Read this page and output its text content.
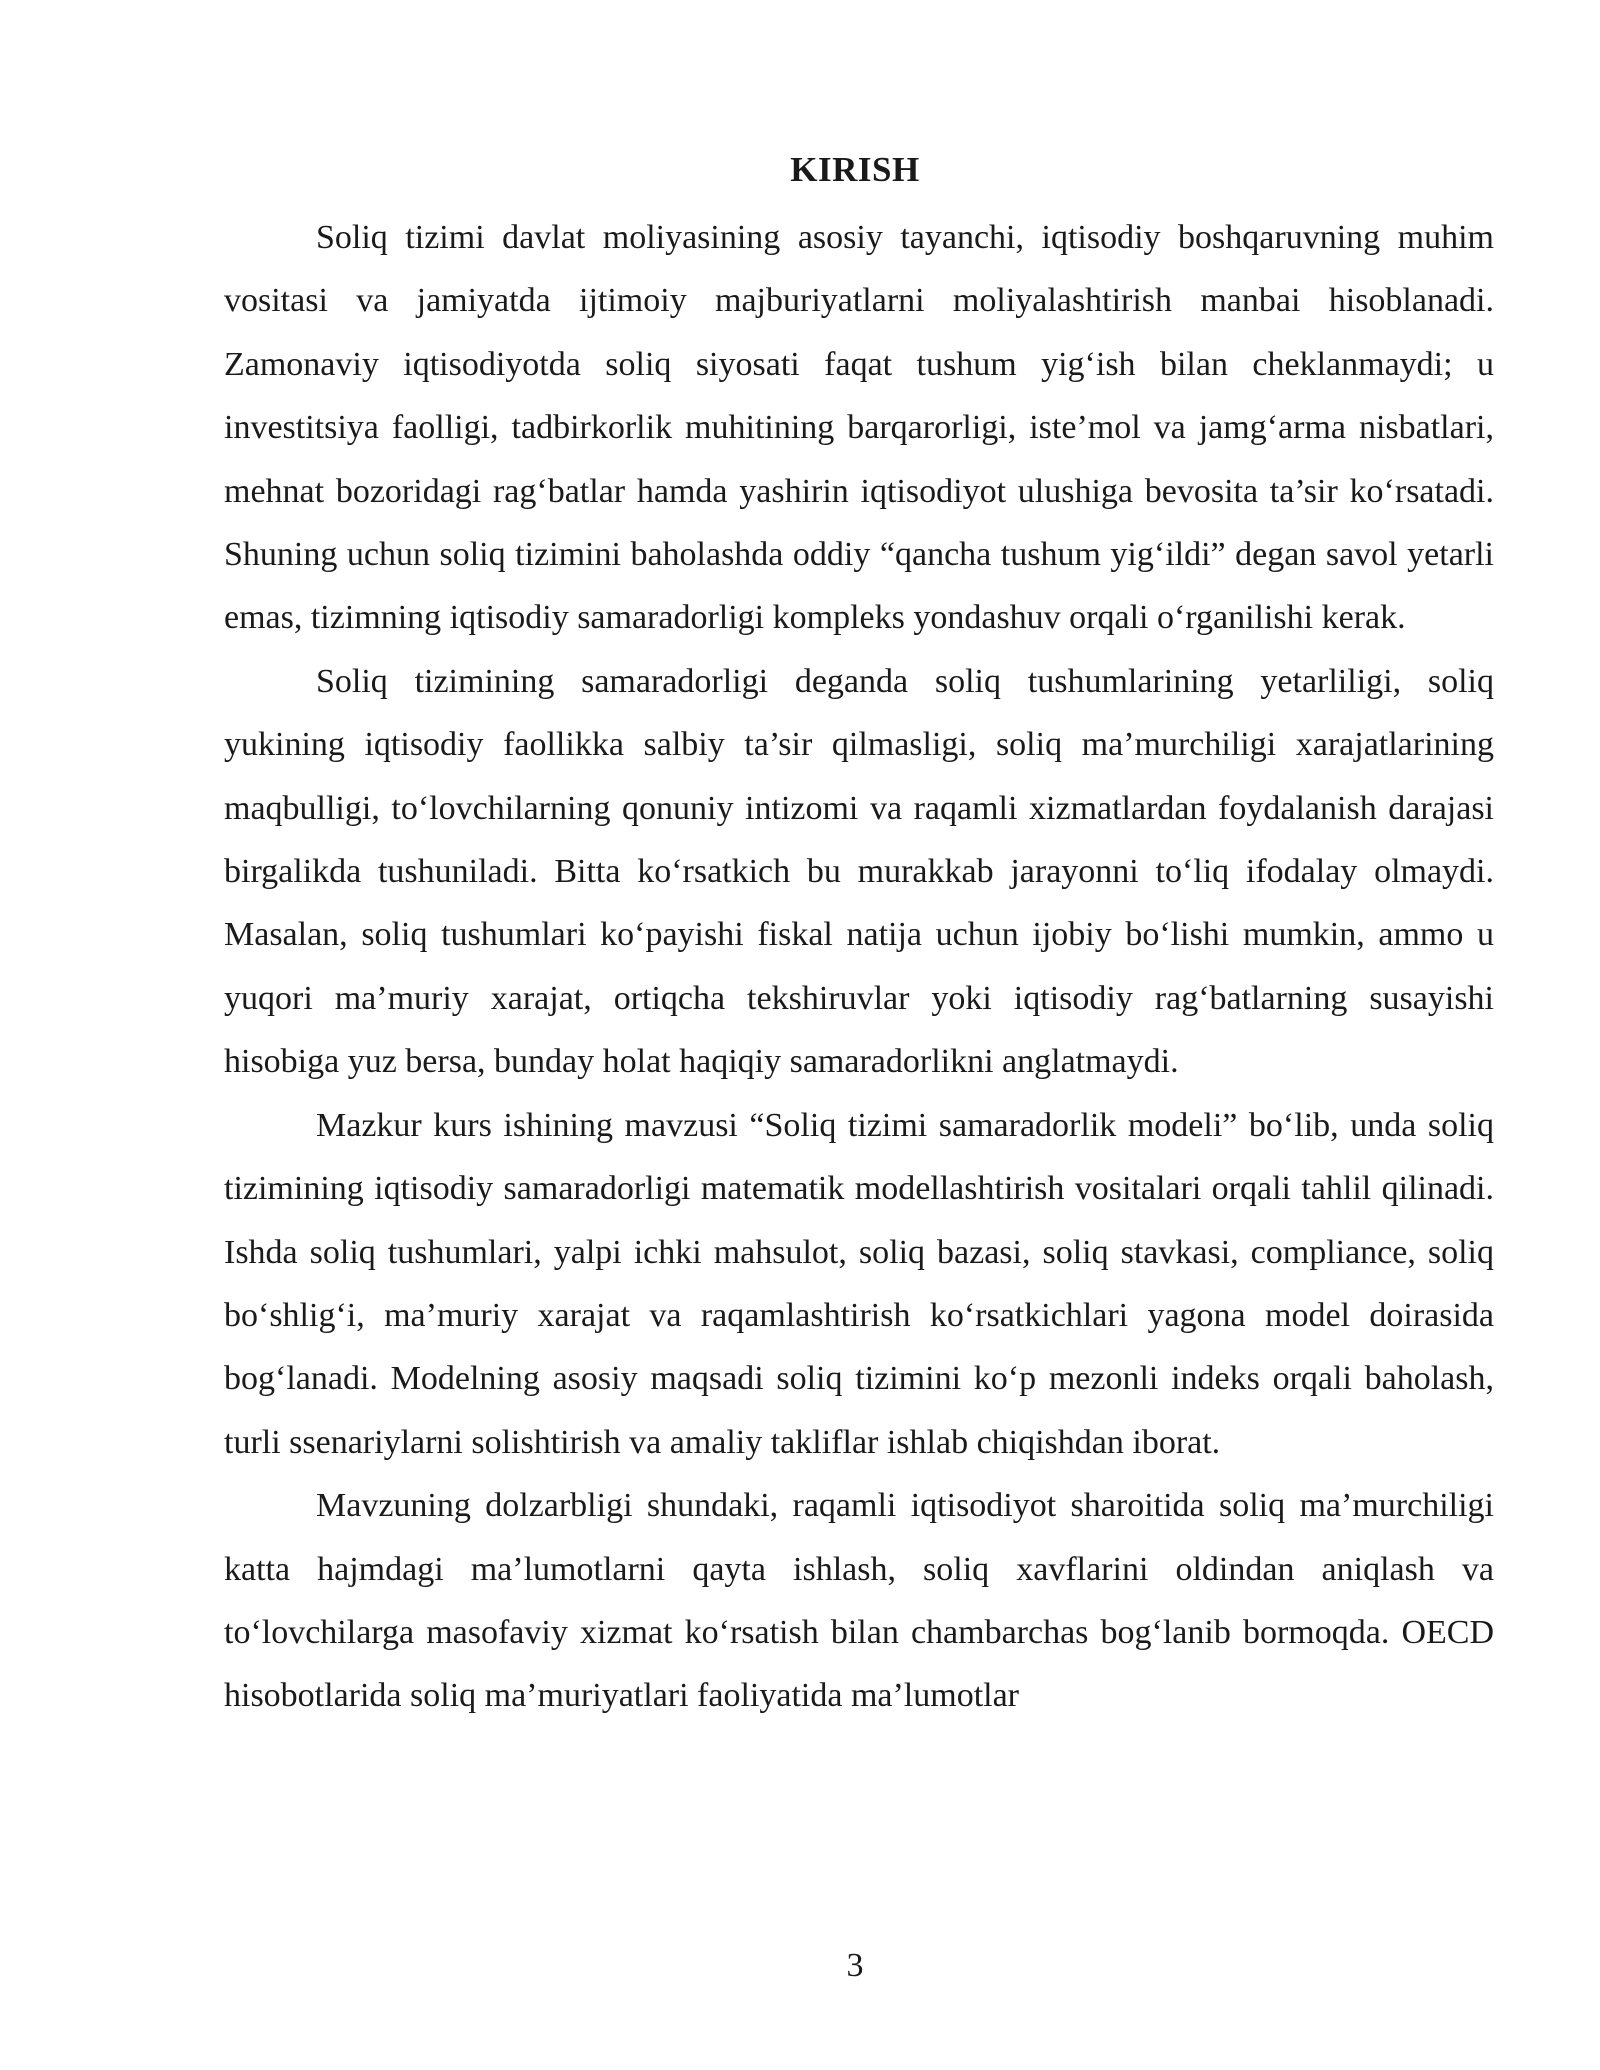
KIRISH

Soliq tizimi davlat moliyasining asosiy tayanchi, iqtisodiy boshqaruvning muhim vositasi va jamiyatda ijtimoiy majburiyatlarni moliyalashtirish manbai hisoblanadi. Zamonaviy iqtisodiyotda soliq siyosati faqat tushum yig‘ish bilan cheklanmaydi; u investitsiya faolligi, tadbirkorlik muhitining barqarorligi, iste’mol va jamg‘arma nisbatlari, mehnat bozoridagi rag‘batlar hamda yashirin iqtisodiyot ulushiga bevosita ta’sir ko‘rsatadi. Shuning uchun soliq tizimini baholashda oddiy “qancha tushum yig‘ildi” degan savol yetarli emas, tizimning iqtisodiy samaradorligi kompleks yondashuv orqali o‘rganilishi kerak.

Soliq tizimining samaradorligi deganda soliq tushumlarining yetarliligi, soliq yukining iqtisodiy faollikka salbiy ta’sir qilmasligi, soliq ma’murchiligi xarajatlarining maqbulligi, to‘lovchilarning qonuniy intizomi va raqamli xizmatlardan foydalanish darajasi birgalikda tushuniladi. Bitta ko‘rsatkich bu murakkab jarayonni to‘liq ifodalay olmaydi. Masalan, soliq tushumlari ko‘payishi fiskal natija uchun ijobiy bo‘lishi mumkin, ammo u yuqori ma’muriy xarajat, ortiqcha tekshiruvlar yoki iqtisodiy rag‘batlarning susayishi hisobiga yuz bersa, bunday holat haqiqiy samaradorlikni anglatmaydi.

Mazkur kurs ishining mavzusi “Soliq tizimi samaradorlik modeli” bo‘lib, unda soliq tizimining iqtisodiy samaradorligi matematik modellashtirish vositalari orqali tahlil qilinadi. Ishda soliq tushumlari, yalpi ichki mahsulot, soliq bazasi, soliq stavkasi, compliance, soliq bo‘shlig‘i, ma’muriy xarajat va raqamlashtirish ko‘rsatkichlari yagona model doirasida bog‘lanadi. Modelning asosiy maqsadi soliq tizimini ko‘p mezonli indeks orqali baholash, turli ssenariylarni solishtirish va amaliy takliflar ishlab chiqishdan iborat.

Mavzuning dolzarbligi shundaki, raqamli iqtisodiyot sharoitida soliq ma’murchiligi katta hajmdagi ma’lumotlarni qayta ishlash, soliq xavflarini oldindan aniqlash va to‘lovchilarga masofaviy xizmat ko‘rsatish bilan chambarchas bog‘lanib bormoqda. OECD hisobotlarida soliq ma’muriyatlari faoliyatida ma’lumotlar

3
